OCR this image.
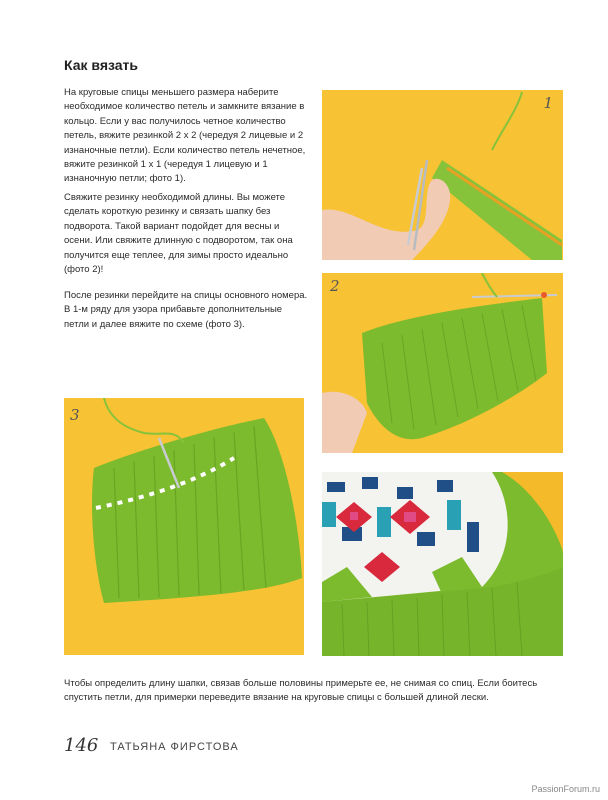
Как вязать

На круговые спицы меньшего размера наберите необходимое количество петель и замкните вязание в кольцо. Если у вас получилось четное количество петель, вяжите резинкой 2 х 2 (чередуя 2 лицевые и 2 изнаночные петли). Если количество петель нечетное, вяжите резинкой 1 х 1 (чередуя 1 лицевую и 1 изнаночную петли; фото 1).

Свяжите резинку необходимой длины. Вы можете сделать короткую резинку и связать шапку без подворота. Такой вариант подойдет для весны и осени. Или свяжите длинную с подворотом, так она получится еще теплее, для зимы просто идеально (фото 2)!

После резинки перейдите на спицы основного номера. В 1-м ряду для узора прибавьте дополнительные петли и далее вяжите по схеме (фото 3).

1
2
3
Чтобы определить длину шапки, связав больше половины примерьте ее, не снимая со спиц. Если боитесь спустить петли, для примерки переведите вязание на круговые спицы с большей длиной лески.
146 ТАТЬЯНА ФИРСТОВА
PassionForum.ru
